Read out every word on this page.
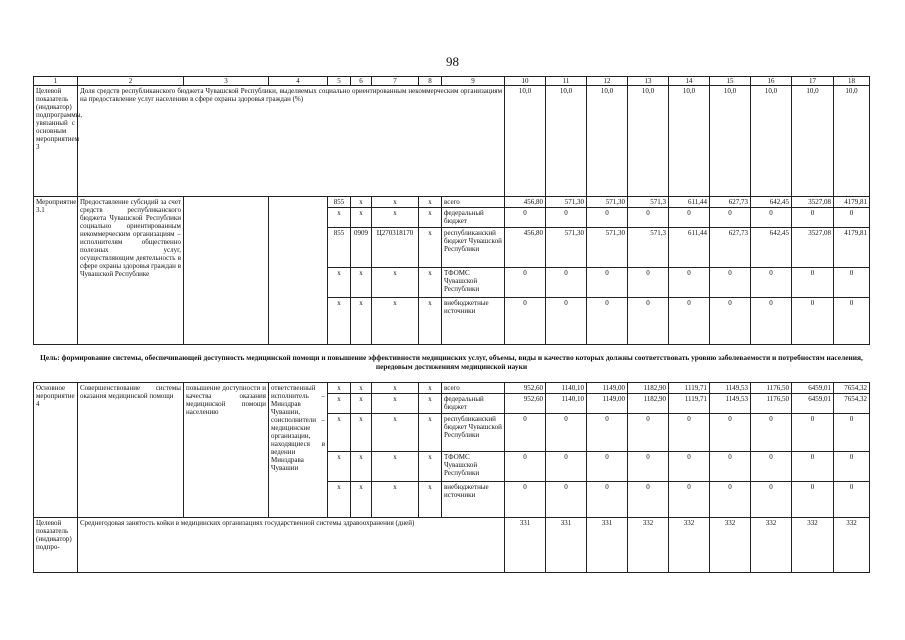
98
1	2	3	4	5	6	7	8	9	10	11	12	13	14	15	16	17	18
Целевой показатель (индикатор) подпрограммы, увязанный с основным мероприятием 3	Доля средств республиканского бюджета Чувашской Республики, выделяемых социально ориентированным некоммерческим организациям на предоставление услуг населению в сфере охраны здоровья граждан (%)								10,0	10,0	10,0	10,0	10,0	10,0	10,0	10,0	10,0
Мероприятие 3.1	Предоставление субсидий за счет средств республиканского бюджета Чувашской Республики социально ориентированным некоммерческим организациям – исполнителям общественно полезных услуг, осуществляющим деятельность в сфере охраны здоровья граждан в Чувашской Республике			855	x	x	x	всего	456,80	571,30	571,30	571,3	611,44	627,73	642,45	3527,08	4179,81
				x	x	x	x	федеральный бюджет	0	0	0	0	0	0	0	0	0
				855	0909	Ц270318170	x	республиканский бюджет Чувашской Республики	456,80	571,30	571,30	571,3	611,44	627,73	642,45	3527,08	4179,81
				x	x	x	x	ТФОМС Чувашской Республики	0	0	0	0	0	0	0	0	0
				x	x	x	x	внебюджетные источники	0	0	0	0	0	0	0	0	0
Цель: формирование системы, обеспечивающей доступность медицинской помощи и повышение эффективности медицинских услуг, объемы, виды и качество которых должны соответствовать уровню заболеваемости и потребностям населения, передовым достижениям медицинской науки
Основное мероприятие 4	Совершенствование системы оказания медицинской помощи	повышение доступности и качества оказания медицинской помощи населению	ответственный исполнитель – Минздрав Чувашии, соисполнители – медицинские организации, находящиеся в ведении Минздрава Чувашии	x	x	x	x	всего	952,60	1140,10	1149,00	1182,90	1119,71	1149,53	1176,50	6459,01	7654,32
				x	x	x	x	федеральный бюджет	952,60	1140,10	1149,00	1182,90	1119,71	1149,53	1176,50	6459,01	7654,32
				x	x	x	x	республиканский бюджет Чувашской Республики	0	0	0	0	0	0	0	0	0
				x	x	x	x	ТФОМС Чувашской Республики	0	0	0	0	0	0	0	0	0
				x	x	x	x	внебюджетные источники	0	0	0	0	0	0	0	0	0
Целевой показатель (индикатор) подпро-	Среднегодовая занятость койки в медицинских организациях государственной системы здравоохранения (дней)								331	331	331	332	332	332	332	332	332
